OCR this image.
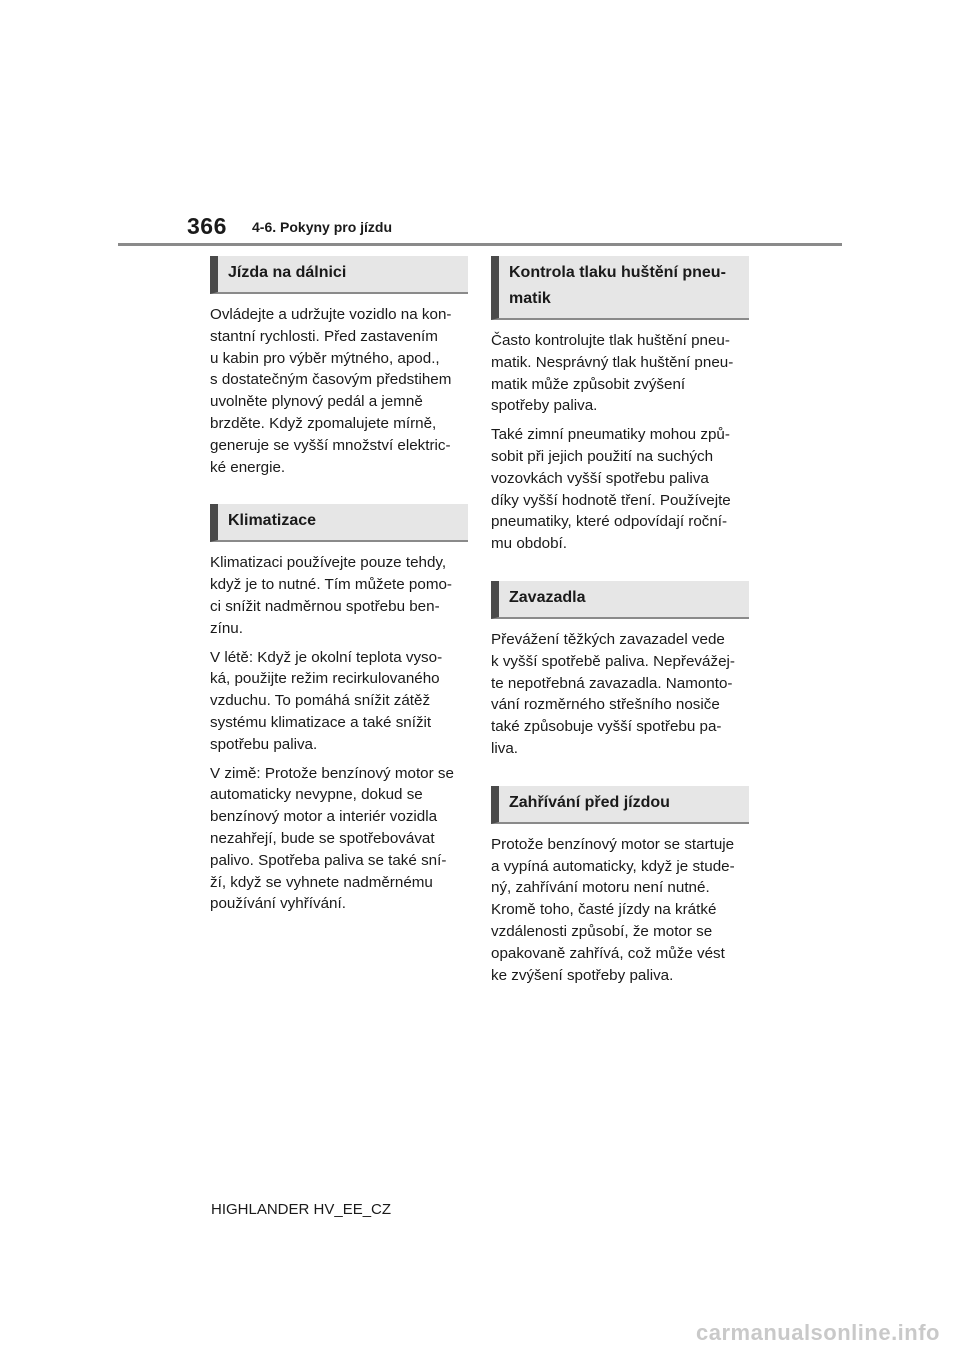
366 4-6. Pokyny pro jízdu
Jízda na dálnici

Ovládejte a udržujte vozidlo na kon-
stantní rychlosti. Před zastavením
u kabin pro výběr mýtného, apod.,
s dostatečným časovým předstihem
uvolněte plynový pedál a jemně
brzděte. Když zpomalujete mírně,
generuje se vyšší množství elektric-
ké energie.

Klimatizace

Klimatizaci používejte pouze tehdy,
když je to nutné. Tím můžete pomo-
ci snížit nadměrnou spotřebu ben-
zínu.

V létě: Když je okolní teplota vyso-
ká, použijte režim recirkulovaného
vzduchu. To pomáhá snížit zátěž
systému klimatizace a také snížit
spotřebu paliva.

V zimě: Protože benzínový motor se
automaticky nevypne, dokud se
benzínový motor a interiér vozidla
nezahřejí, bude se spotřebovávat
palivo. Spotřeba paliva se také sní-
ží, když se vyhnete nadměrnému
používání vyhřívání.

Kontrola tlaku huštění pneu-
matik

Často kontrolujte tlak huštění pneu-
matik. Nesprávný tlak huštění pneu-
matik může způsobit zvýšení
spotřeby paliva.

Také zimní pneumatiky mohou způ-
sobit při jejich použití na suchých
vozovkách vyšší spotřebu paliva
díky vyšší hodnotě tření. Používejte
pneumatiky, které odpovídají roční-
mu období.

Zavazadla

Převážení těžkých zavazadel vede
k vyšší spotřebě paliva. Nepřevážej-
te nepotřebná zavazadla. Namonto-
vání rozměrného střešního nosiče
také způsobuje vyšší spotřebu pa-
liva.

Zahřívání před jízdou

Protože benzínový motor se startuje
a vypíná automaticky, když je stude-
ný, zahřívání motoru není nutné.
Kromě toho, časté jízdy na krátké
vzdálenosti způsobí, že motor se
opakovaně zahřívá, což může vést
ke zvýšení spotřeby paliva.

HIGHLANDER HV_EE_CZ
carmanualsonline.info
